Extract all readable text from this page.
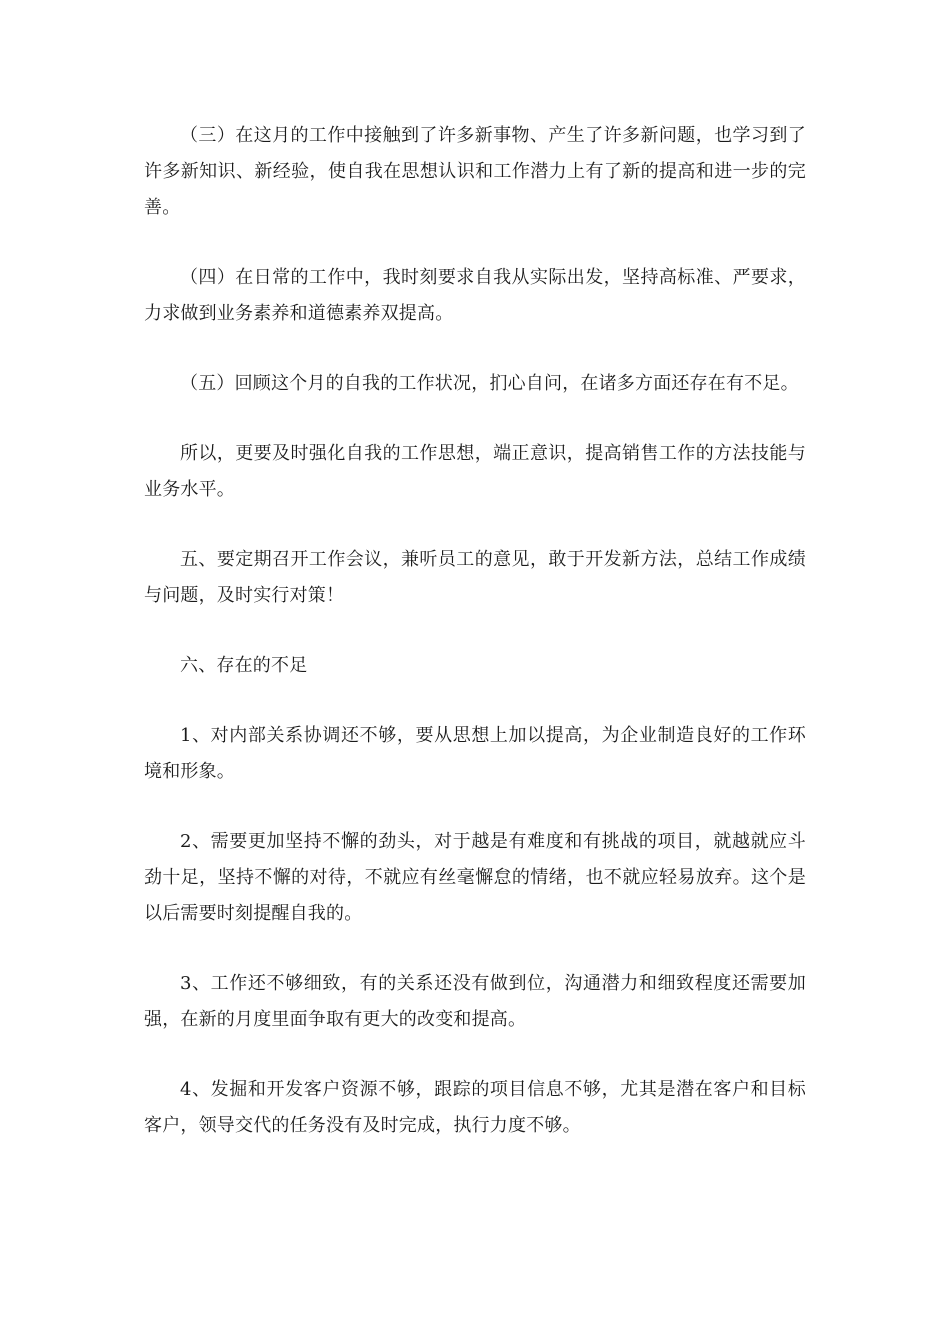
（三）在这月的工作中接触到了许多新事物、产生了许多新问题，也学习到了许多新知识、新经验，使自我在思想认识和工作潜力上有了新的提高和进一步的完善。

（四）在日常的工作中，我时刻要求自我从实际出发，坚持高标准、严要求，力求做到业务素养和道德素养双提高。

（五）回顾这个月的自我的工作状况，扪心自问，在诸多方面还存在有不足。

所以，更要及时强化自我的工作思想，端正意识，提高销售工作的方法技能与业务水平。

五、要定期召开工作会议，兼听员工的意见，敢于开发新方法，总结工作成绩与问题，及时实行对策！

六、存在的不足

1、对内部关系协调还不够，要从思想上加以提高，为企业制造良好的工作环境和形象。

2、需要更加坚持不懈的劲头，对于越是有难度和有挑战的项目，就越就应斗劲十足，坚持不懈的对待，不就应有丝毫懈怠的情绪，也不就应轻易放弃。这个是以后需要时刻提醒自我的。

3、工作还不够细致，有的关系还没有做到位，沟通潜力和细致程度还需要加强，在新的月度里面争取有更大的改变和提高。

4、发掘和开发客户资源不够，跟踪的项目信息不够，尤其是潜在客户和目标客户，领导交代的任务没有及时完成，执行力度不够。
